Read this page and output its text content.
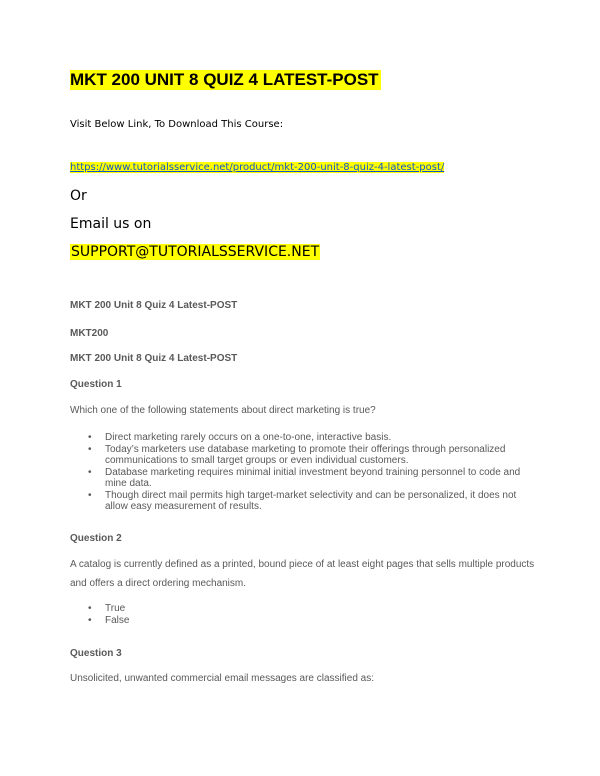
MKT 200 UNIT 8 QUIZ 4 LATEST-POST
Visit Below Link, To Download This Course:
https://www.tutorialsservice.net/product/mkt-200-unit-8-quiz-4-latest-post/
Or
Email us on
SUPPORT@TUTORIALSSERVICE.NET
MKT 200 Unit 8 Quiz 4 Latest-POST
MKT200
MKT 200 Unit 8 Quiz 4 Latest-POST
Question 1
Which one of the following statements about direct marketing is true?
• Direct marketing rarely occurs on a one-to-one, interactive basis.
• Today’s marketers use database marketing to promote their offerings through personalized communications to small target groups or even individual customers.
• Database marketing requires minimal initial investment beyond training personnel to code and mine data.
• Though direct mail permits high target-market selectivity and can be personalized, it does not allow easy measurement of results.
Question 2
A catalog is currently defined as a printed, bound piece of at least eight pages that sells multiple products
and offers a direct ordering mechanism.
• True
• False
Question 3
Unsolicited, unwanted commercial email messages are classified as:
